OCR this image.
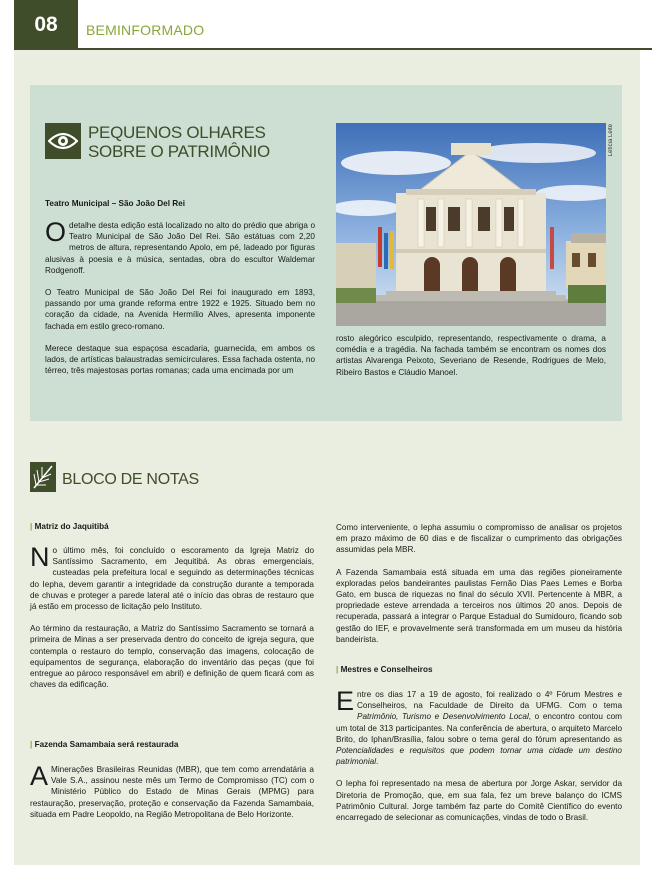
08 BEMINFORMADO
PEQUENOS OLHARES
SOBRE O PATRIMÔNIO	Letícia Leite
Teatro Municipal – São João Del Rei

O detalhe desta edição está localizado no alto do prédio que abriga o Teatro Municipal de São João Del Rei. São estátuas com 2,20 metros de altura, representando Apolo, em pé, ladeado por figuras alusivas à poesia e à música, sentadas, obra do escultor Waldemar Rodgenoff.

O Teatro Municipal de São João Del Rei foi inaugurado em 1893, passando por uma grande reforma entre 1922 e 1925. Situado bem no coração da cidade, na Avenida Hermílio Alves, apresenta imponente fachada em estilo greco-romano.

Merece destaque sua espaçosa escadaria, guarnecida, em ambos os lados, de artísticas balaustradas semicirculares. Essa fachada ostenta, no térreo, três majestosas portas romanas; cada uma encimada por um

rosto alegórico esculpido, representando, respectivamente o drama, a comédia e a tragédia. Na fachada também se encontram os nomes dos artistas Alvarenga Peixoto, Severiano de Resende, Rodrigues de Melo, Ribeiro Bastos e Cláudio Manoel.

BLOCO DE NOTAS
| Matriz do Jaquitibá

No último mês, foi concluído o escoramento da Igreja Matriz do Santíssimo Sacramento, em Jequitibá. As obras emergenciais, custeadas pela prefeitura local e seguindo as determinações técnicas do Iepha, devem garantir a integridade da construção durante a temporada de chuvas e proteger a parede lateral até o início das obras de restauro que já estão em processo de licitação pelo Instituto.

Ao término da restauração, a Matriz do Santíssimo Sacramento se tornará a primeira de Minas a ser preservada dentro do conceito de igreja segura, que contempla o restauro do templo, conservação das imagens, colocação de equipamentos de segurança, elaboração do inventário das peças (que foi entregue ao pároco responsável em abril) e definição de quem ficará com as chaves da edificação.

| Fazenda Samambaia será restaurada

A Minerações Brasileiras Reunidas (MBR), que tem como arrendatária a Vale S.A., assinou neste mês um Termo de Compromisso (TC) com o Ministério Público do Estado de Minas Gerais (MPMG) para restauração, preservação, proteção e conservação da Fazenda Samambaia, situada em Padre Leopoldo, na Região Metropolitana de Belo Horizonte.

Como interveniente, o Iepha assumiu o compromisso de analisar os projetos em prazo máximo de 60 dias e de fiscalizar o cumprimento das obrigações assumidas pela MBR.

A Fazenda Samambaia está situada em uma das regiões pioneiramente exploradas pelos bandeirantes paulistas Fernão Dias Paes Lemes e Borba Gato, em busca de riquezas no final do século XVII. Pertencente à MBR, a propriedade esteve arrendada a terceiros nos últimos 20 anos. Depois de recuperada, passará a integrar o Parque Estadual do Sumidouro, ficando sob gestão do IEF, e provavelmente será transformada em um museu da história bandeirista.

| Mestres e Conselheiros

Entre os dias 17 a 19 de agosto, foi realizado o 4º Fórum Mestres e Conselheiros, na Faculdade de Direito da UFMG. Com o tema Patrimônio, Turismo e Desenvolvimento Local, o encontro contou com um total de 313 participantes. Na conferência de abertura, o arquiteto Marcelo Brito, do Iphan/Brasília, falou sobre o tema geral do fórum apresentando as Potencialidades e requisitos que podem tornar uma cidade um destino patrimonial.

O Iepha foi representado na mesa de abertura por Jorge Askar, servidor da Diretoria de Promoção, que, em sua fala, fez um breve balanço do ICMS Patrimônio Cultural. Jorge também faz parte do Comitê Científico do evento encarregado de selecionar as comunicações, vindas de todo o Brasil.
